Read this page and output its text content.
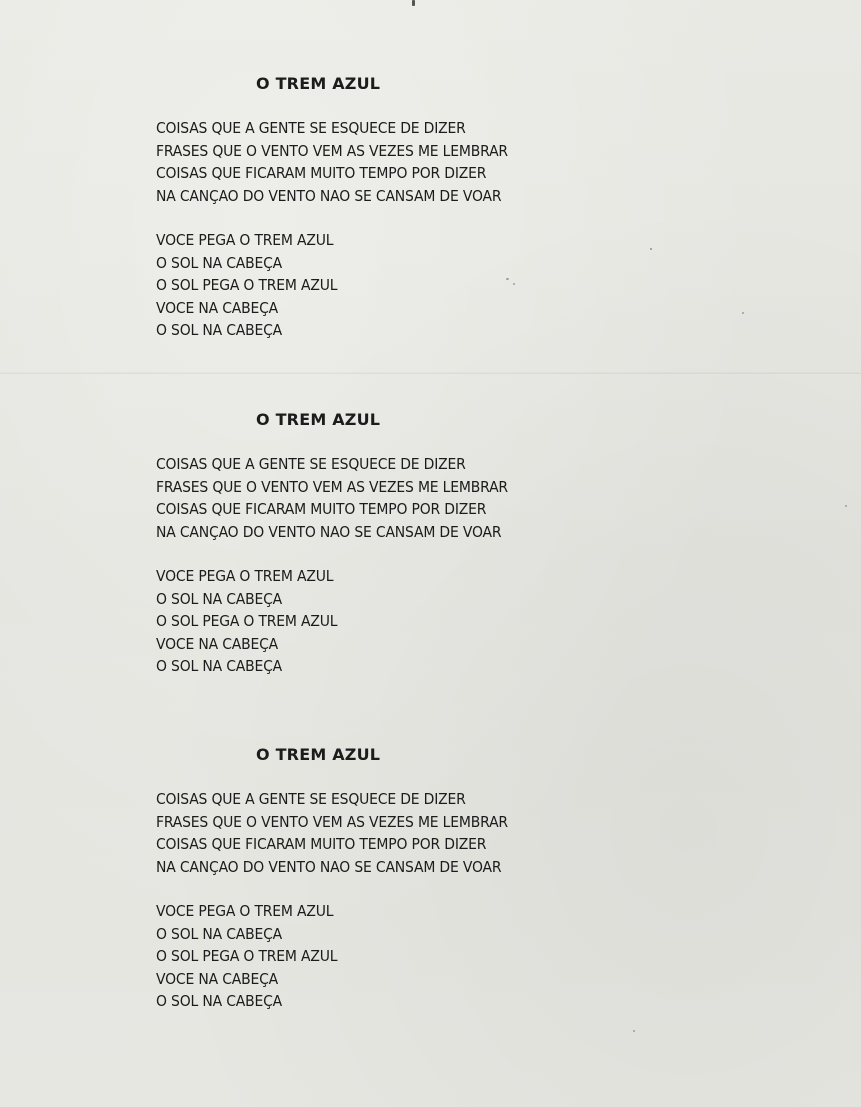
O TREM AZUL
COISAS QUE A GENTE SE ESQUECE DE DIZER
FRASES QUE O VENTO VEM AS VEZES ME LEMBRAR
COISAS QUE FICARAM MUITO TEMPO POR DIZER
NA CANÇAO DO VENTO NAO SE CANSAM DE VOAR
VOCE PEGA O TREM AZUL
O SOL NA CABEÇA
O SOL PEGA O TREM AZUL
VOCE NA CABEÇA
O SOL NA CABEÇA
O TREM AZUL
COISAS QUE A GENTE SE ESQUECE DE DIZER
FRASES QUE O VENTO VEM AS VEZES ME LEMBRAR
COISAS QUE FICARAM MUITO TEMPO POR DIZER
NA CANÇAO DO VENTO NAO SE CANSAM DE VOAR
VOCE PEGA O TREM AZUL
O SOL NA CABEÇA
O SOL PEGA O TREM AZUL
VOCE NA CABEÇA
O SOL NA CABEÇA
O TREM AZUL
COISAS QUE A GENTE SE ESQUECE DE DIZER
FRASES QUE O VENTO VEM AS VEZES ME LEMBRAR
COISAS QUE FICARAM MUITO TEMPO POR DIZER
NA CANÇAO DO VENTO NAO SE CANSAM DE VOAR
VOCE PEGA O TREM AZUL
O SOL NA CABEÇA
O SOL PEGA O TREM AZUL
VOCE NA CABEÇA
O SOL NA CABEÇA
